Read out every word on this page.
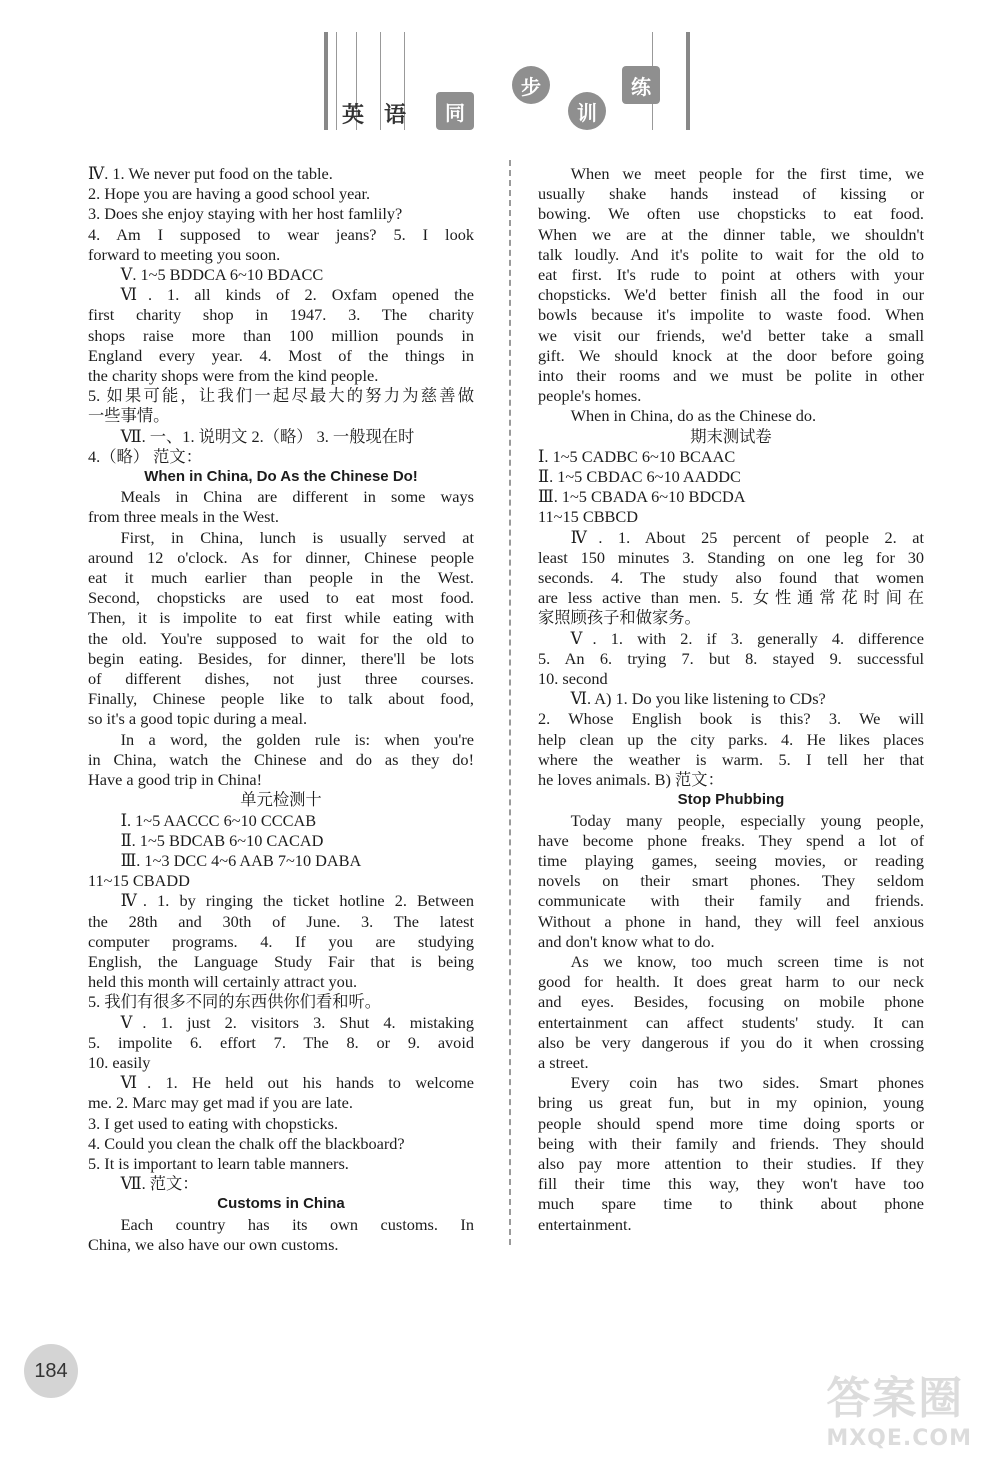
英 语	同
步
训
练

Ⅳ. 1. We never put food on the table.

2. Hope you are having a good school year.

3. Does she enjoy staying with her host famlily?

4. Am I supposed to wear jeans? 5. I look

forward to meeting you soon.

Ⅴ. 1~5 BDDCA 6~10 BDACC

Ⅵ. 1. all kinds of 2. Oxfam opened the

first charity shop in 1947. 3. The charity

shops raise more than 100 million pounds in

England every year. 4. Most of the things in

the charity shops were from the kind people.

5. 如果可能，让我们一起尽最大的努力为慈善做

一些事情。

Ⅶ. 一、1. 说明文 2.（略） 3. 一般现在时

4.（略） 范文：

When in China, Do As the Chinese Do!

Meals in China are different in some ways

from three meals in the West.

First, in China, lunch is usually served at

around 12 o'clock. As for dinner, Chinese people

eat it much earlier than people in the West.

Second, chopsticks are used to eat most food.

Then, it is impolite to eat first while eating with

the old. You're supposed to wait for the old to

begin eating. Besides, for dinner, there'll be lots

of different dishes, not just three courses.

Finally, Chinese people like to talk about food,

so it's a good topic during a meal.

In a word, the golden rule is: when you're

in China, watch the Chinese and do as they do!

Have a good trip in China!

单元检测十

Ⅰ. 1~5 AACCC 6~10 CCCAB

Ⅱ. 1~5 BDCAB 6~10 CACAD

Ⅲ. 1~3 DCC 4~6 AAB 7~10 DABA

11~15 CBADD

Ⅳ. 1. by ringing the ticket hotline 2. Between

the 28th and 30th of June. 3. The latest

computer programs. 4. If you are studying

English, the Language Study Fair that is being

held this month will certainly attract you.

5. 我们有很多不同的东西供你们看和听。

Ⅴ. 1. just 2. visitors 3. Shut 4. mistaking

5. impolite 6. effort 7. The 8. or 9. avoid

10. easily

Ⅵ. 1. He held out his hands to welcome

me. 2. Marc may get mad if you are late.

3. I get used to eating with chopsticks.

4. Could you clean the chalk off the blackboard?

5. It is important to learn table manners.

Ⅶ. 范文：

Customs in China

Each country has its own customs. In

China, we also have our own customs.

When we meet people for the first time, we

usually shake hands instead of kissing or

bowing. We often use chopsticks to eat food.

When we are at the dinner table, we shouldn't

talk loudly. And it's polite to wait for the old to

eat first. It's rude to point at others with your

chopsticks. We'd better finish all the food in our

bowls because it's impolite to waste food. When

we visit our friends, we'd better take a small

gift. We should knock at the door before going

into their rooms and we must be polite in other

people's homes.

When in China, do as the Chinese do.

期末测试卷

Ⅰ. 1~5 CADBC 6~10 BCAAC

Ⅱ. 1~5 CBDAC 6~10 AADDC

Ⅲ. 1~5 CBADA 6~10 BDCDA

11~15 CBBCD

Ⅳ. 1. About 25 percent of people 2. at

least 150 minutes 3. Standing on one leg for 30

seconds. 4. The study also found that women

are less active than men. 5. 女性通常花时间在

家照顾孩子和做家务。

Ⅴ. 1. with 2. if 3. generally 4. difference

5. An 6. trying 7. but 8. stayed 9. successful

10. second

Ⅵ. A) 1. Do you like listening to CDs?

2. Whose English book is this? 3. We will

help clean up the city parks. 4. He likes places

where the weather is warm. 5. I tell her that

he loves animals. B) 范文：

Stop Phubbing

Today many people, especially young people,

have become phone freaks. They spend a lot of

time playing games, seeing movies, or reading

novels on their smart phones. They seldom

communicate with their family and friends.

Without a phone in hand, they will feel anxious

and don't know what to do.

As we know, too much screen time is not

good for health. It does great harm to our neck

and eyes. Besides, focusing on mobile phone

entertainment can affect students' study. It can

also be very dangerous if you do it when crossing

a street.

Every coin has two sides. Smart phones

bring us great fun, but in my opinion, young

people should spend more time doing sports or

being with their family and friends. They should

also pay more attention to their studies. If they

fill their time this way, they won't have too

much spare time to think about phone

entertainment.

184
答案圈
MXQE.COM
